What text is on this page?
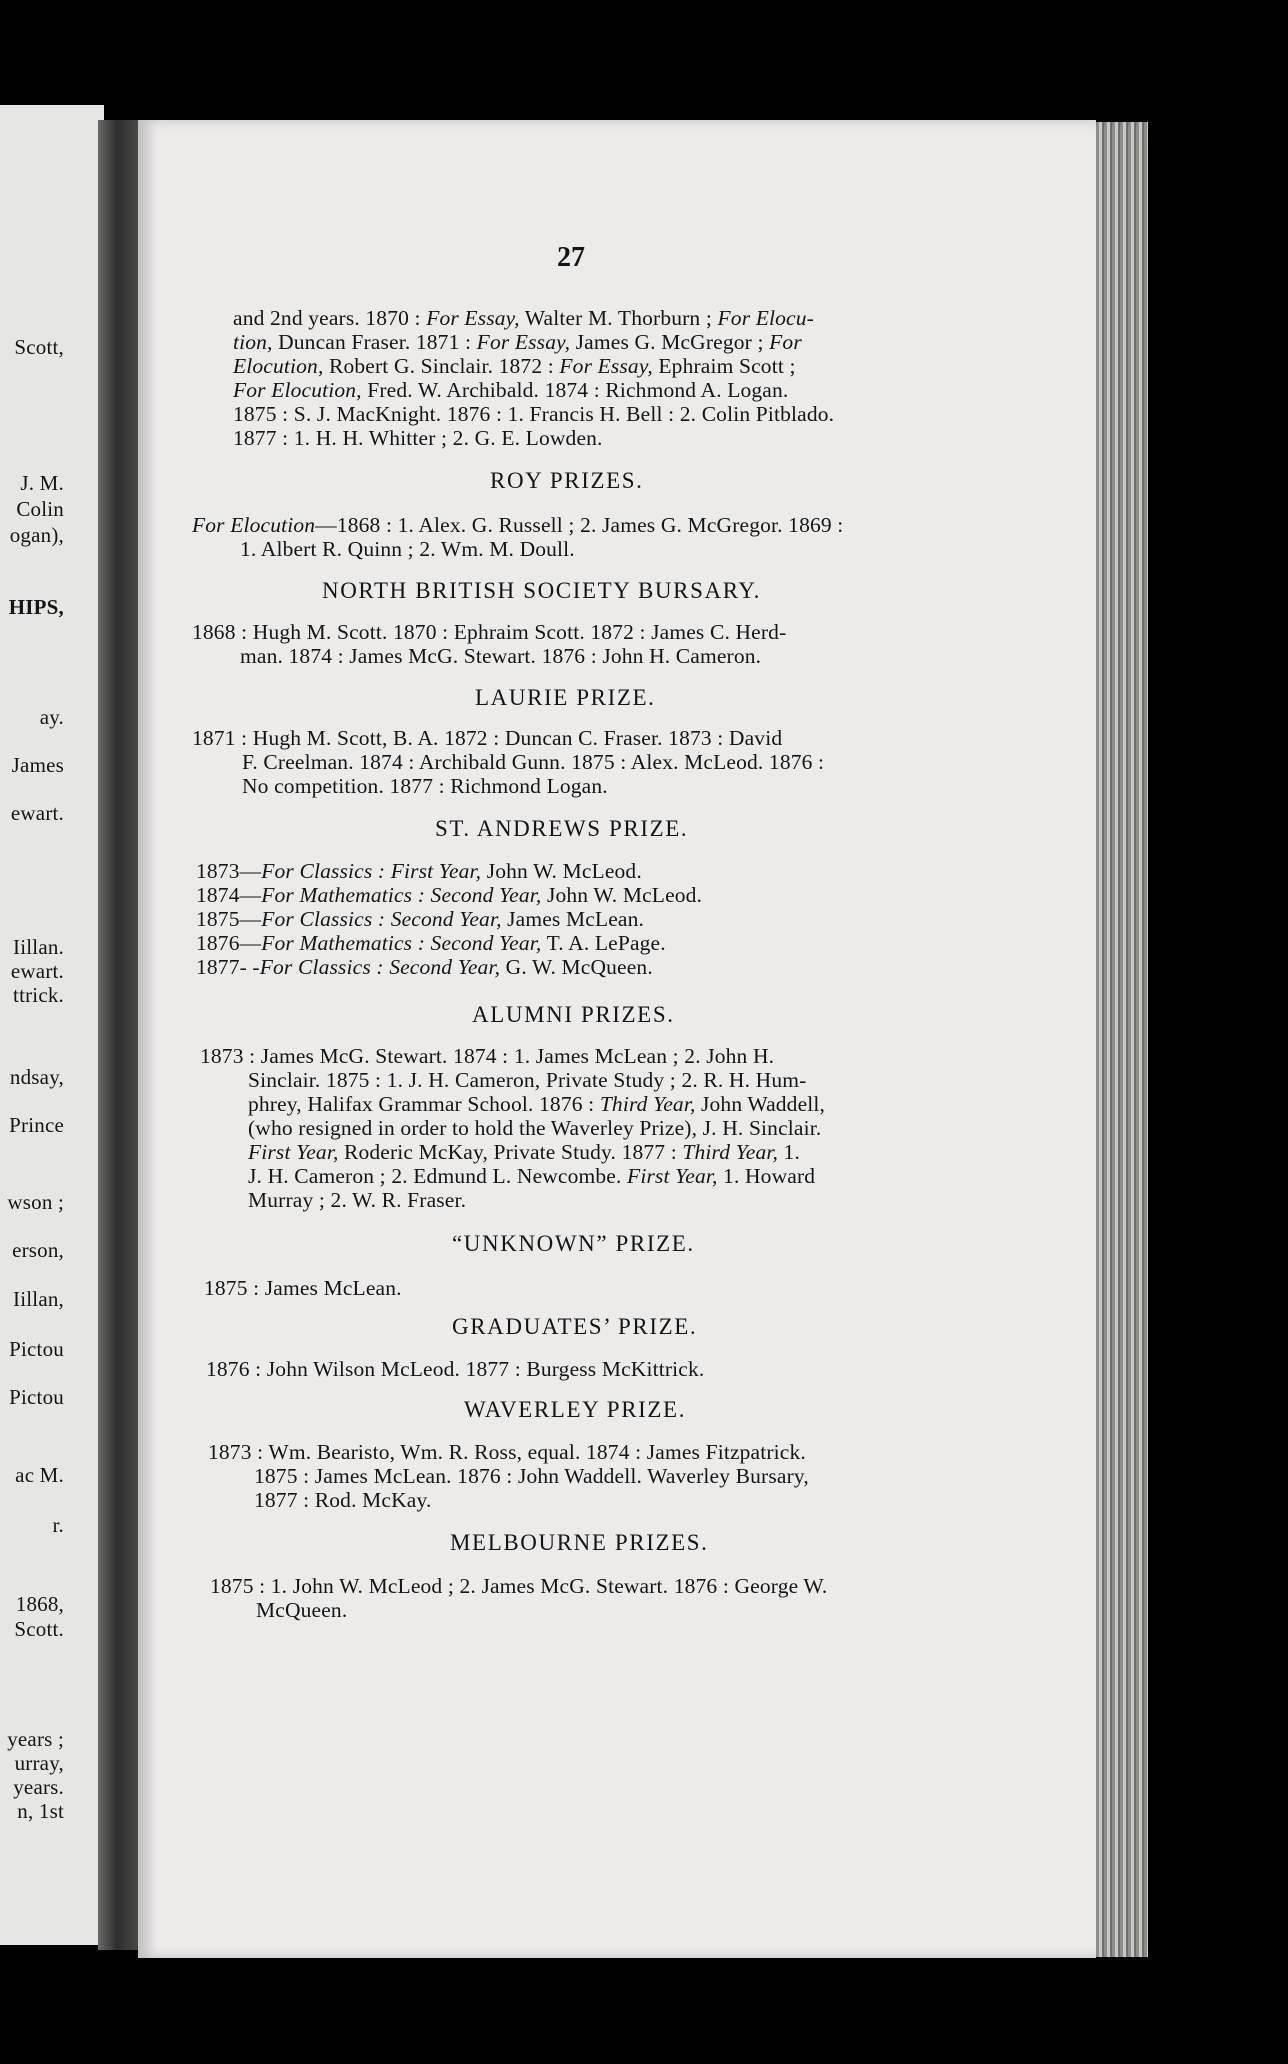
Scott,
J. M.
Colin
ogan),
HIPS,
ay.
James
ewart.
Iillan.
ewart.
ttrick.
ndsay,
Prince
wson ;
erson,
Iillan,
Pictou
Pictou
ac M.
r.
1868,
Scott.
years ;
urray,
years.
n, 1st
27
and 2nd years. 1870 : For Essay, Walter M. Thorburn ; For Elocu-
tion, Duncan Fraser. 1871 : For Essay, James G. McGregor ; For
Elocution, Robert G. Sinclair. 1872 : For Essay, Ephraim Scott ;
For Elocution, Fred. W. Archibald. 1874 : Richmond A. Logan.
1875 : S. J. MacKnight. 1876 : 1. Francis H. Bell : 2. Colin Pitblado.
1877 : 1. H. H. Whitter ; 2. G. E. Lowden.
ROY PRIZES.
For Elocution—1868 : 1. Alex. G. Russell ; 2. James G. McGregor. 1869 :
1. Albert R. Quinn ; 2. Wm. M. Doull.
NORTH BRITISH SOCIETY BURSARY.
1868 : Hugh M. Scott. 1870 : Ephraim Scott. 1872 : James C. Herd-
man. 1874 : James McG. Stewart. 1876 : John H. Cameron.
LAURIE PRIZE.
1871 : Hugh M. Scott, B. A. 1872 : Duncan C. Fraser. 1873 : David
F. Creelman. 1874 : Archibald Gunn. 1875 : Alex. McLeod. 1876 :
No competition. 1877 : Richmond Logan.
ST. ANDREWS PRIZE.
1873—For Classics : First Year, John W. McLeod.
1874—For Mathematics : Second Year, John W. McLeod.
1875—For Classics : Second Year, James McLean.
1876—For Mathematics : Second Year, T. A. LePage.
1877- -For Classics : Second Year, G. W. McQueen.
ALUMNI PRIZES.
1873 : James McG. Stewart. 1874 : 1. James McLean ; 2. John H.
Sinclair. 1875 : 1. J. H. Cameron, Private Study ; 2. R. H. Hum-
phrey, Halifax Grammar School. 1876 : Third Year, John Waddell,
(who resigned in order to hold the Waverley Prize), J. H. Sinclair.
First Year, Roderic McKay, Private Study. 1877 : Third Year, 1.
J. H. Cameron ; 2. Edmund L. Newcombe. First Year, 1. Howard
Murray ; 2. W. R. Fraser.
“UNKNOWN” PRIZE.
1875 : James McLean.
GRADUATES’ PRIZE.
1876 : John Wilson McLeod. 1877 : Burgess McKittrick.
WAVERLEY PRIZE.
1873 : Wm. Bearisto, Wm. R. Ross, equal. 1874 : James Fitzpatrick.
1875 : James McLean. 1876 : John Waddell. Waverley Bursary,
1877 : Rod. McKay.
MELBOURNE PRIZES.
1875 : 1. John W. McLeod ; 2. James McG. Stewart. 1876 : George W.
McQueen.
